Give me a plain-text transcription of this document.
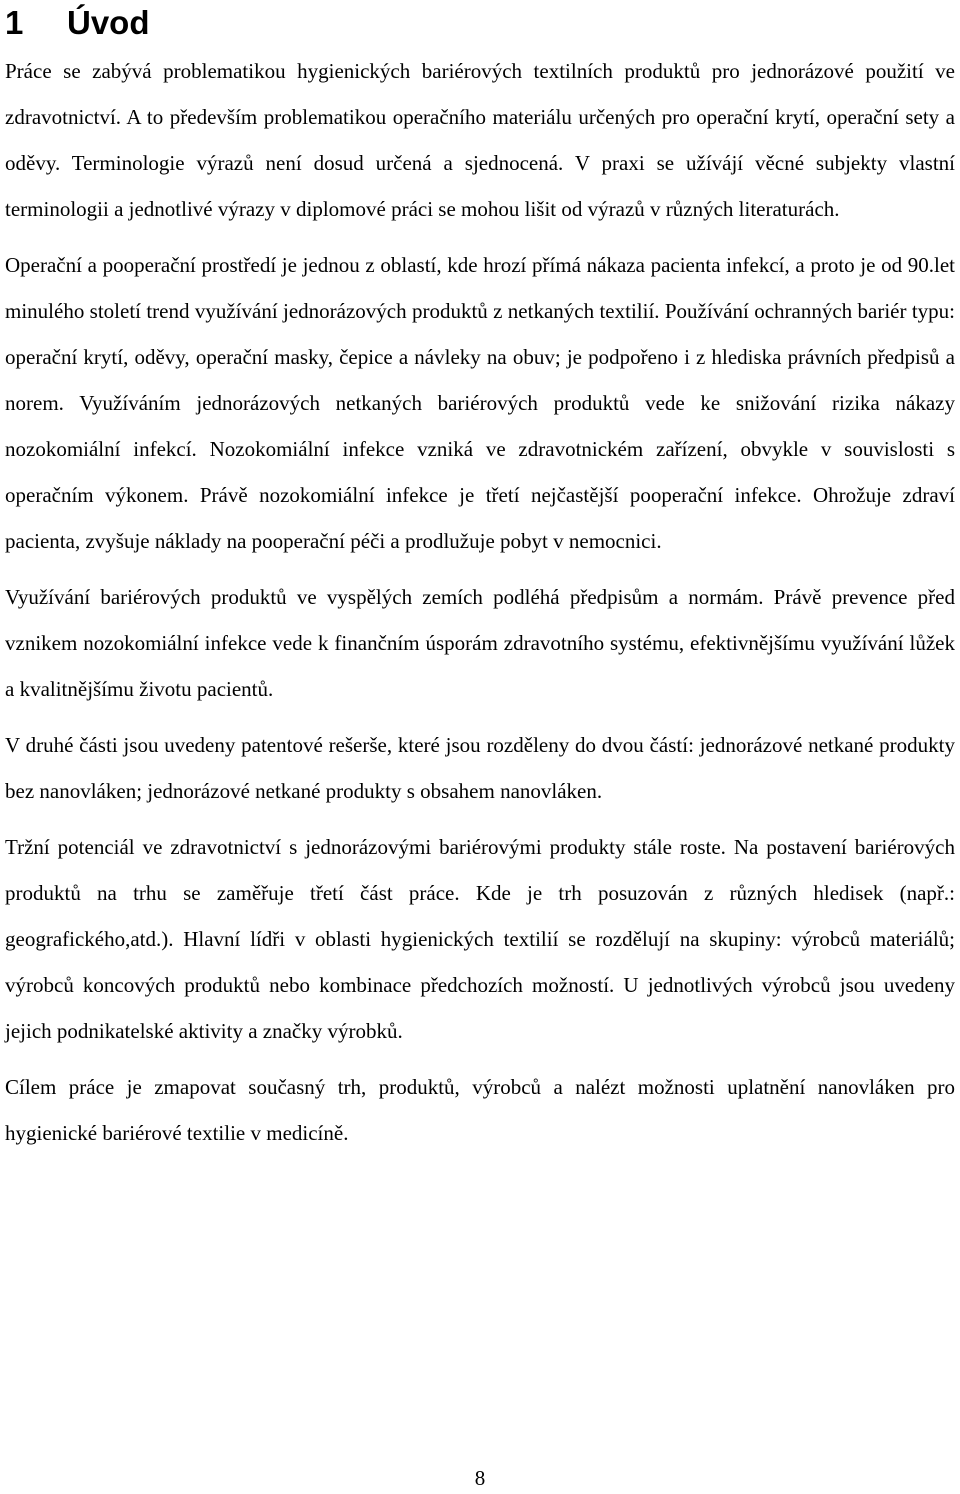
1 Úvod

Práce se zabývá problematikou hygienických bariérových textilních produktů pro jednorázové použití ve zdravotnictví. A to především problematikou operačního materiálu určených pro operační krytí, operační sety a oděvy. Terminologie výrazů není dosud určená a sjednocená. V praxi se užívájí věcné subjekty vlastní terminologii a jednotlivé výrazy v diplomové práci se mohou lišit od výrazů v různých literaturách.

Operační a pooperační prostředí je jednou z oblastí, kde hrozí přímá nákaza pacienta infekcí, a proto je od 90.let minulého století trend využívání jednorázových produktů z netkaných textilií. Používání ochranných bariér typu: operační krytí, oděvy, operační masky, čepice a návleky na obuv; je podpořeno i z hlediska právních předpisů a norem. Využíváním jednorázových netkaných bariérových produktů vede ke snižování rizika nákazy nozokomiální infekcí. Nozokomiální infekce vzniká ve zdravotnickém zařízení, obvykle v souvislosti s operačním výkonem. Právě nozokomiální infekce je třetí nejčastější pooperační infekce. Ohrožuje zdraví pacienta, zvyšuje náklady na pooperační péči a prodlužuje pobyt v nemocnici.

Využívání bariérových produktů ve vyspělých zemích podléhá předpisům a normám. Právě prevence před vznikem nozokomiální infekce vede k finančním úsporám zdravotního systému, efektivnějšímu využívání lůžek a kvalitnějšímu životu pacientů.

V druhé části jsou uvedeny patentové rešerše, které jsou rozděleny do dvou částí: jednorázové netkané produkty bez nanovláken; jednorázové netkané produkty s obsahem nanovláken.

Tržní potenciál ve zdravotnictví s jednorázovými bariérovými produkty stále roste. Na postavení bariérových produktů na trhu se zaměřuje třetí část práce. Kde je trh posuzován z různých hledisek (např.: geografického,atd.). Hlavní lídři v oblasti hygienických textilií se rozdělují na skupiny: výrobců materiálů; výrobců koncových produktů nebo kombinace předchozích možností. U jednotlivých výrobců jsou uvedeny jejich podnikatelské aktivity a značky výrobků.

Cílem práce je zmapovat současný trh, produktů, výrobců a nalézt možnosti uplatnění nanovláken pro hygienické bariérové textilie v medicíně.

8
